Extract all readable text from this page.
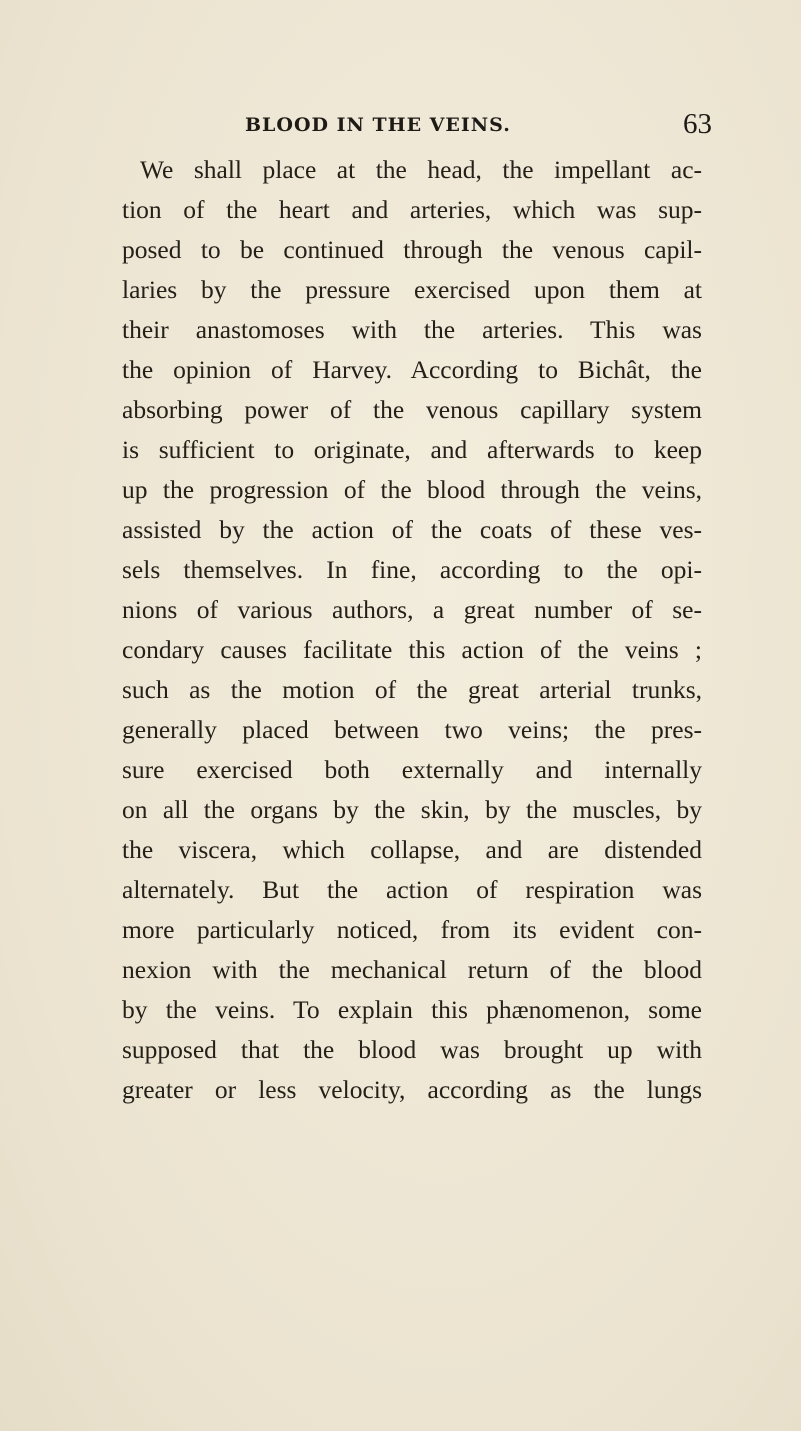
BLOOD IN THE VEINS.	63
We shall place at the head, the impellant ac-
tion of the heart and arteries, which was sup-
posed to be continued through the venous capil-
laries by the pressure exercised upon them at
their anastomoses with the arteries. This was
the opinion of Harvey. According to Bichât, the
absorbing power of the venous capillary system
is sufficient to originate, and afterwards to keep
up the progression of the blood through the veins,
assisted by the action of the coats of these ves-
sels themselves. In fine, according to the opi-
nions of various authors, a great number of se-
condary causes facilitate this action of the veins ;
such as the motion of the great arterial trunks,
generally placed between two veins; the pres-
sure exercised both externally and internally
on all the organs by the skin, by the muscles, by
the viscera, which collapse, and are distended
alternately. But the action of respiration was
more particularly noticed, from its evident con-
nexion with the mechanical return of the blood
by the veins. To explain this phænomenon, some
supposed that the blood was brought up with
greater or less velocity, according as the lungs
